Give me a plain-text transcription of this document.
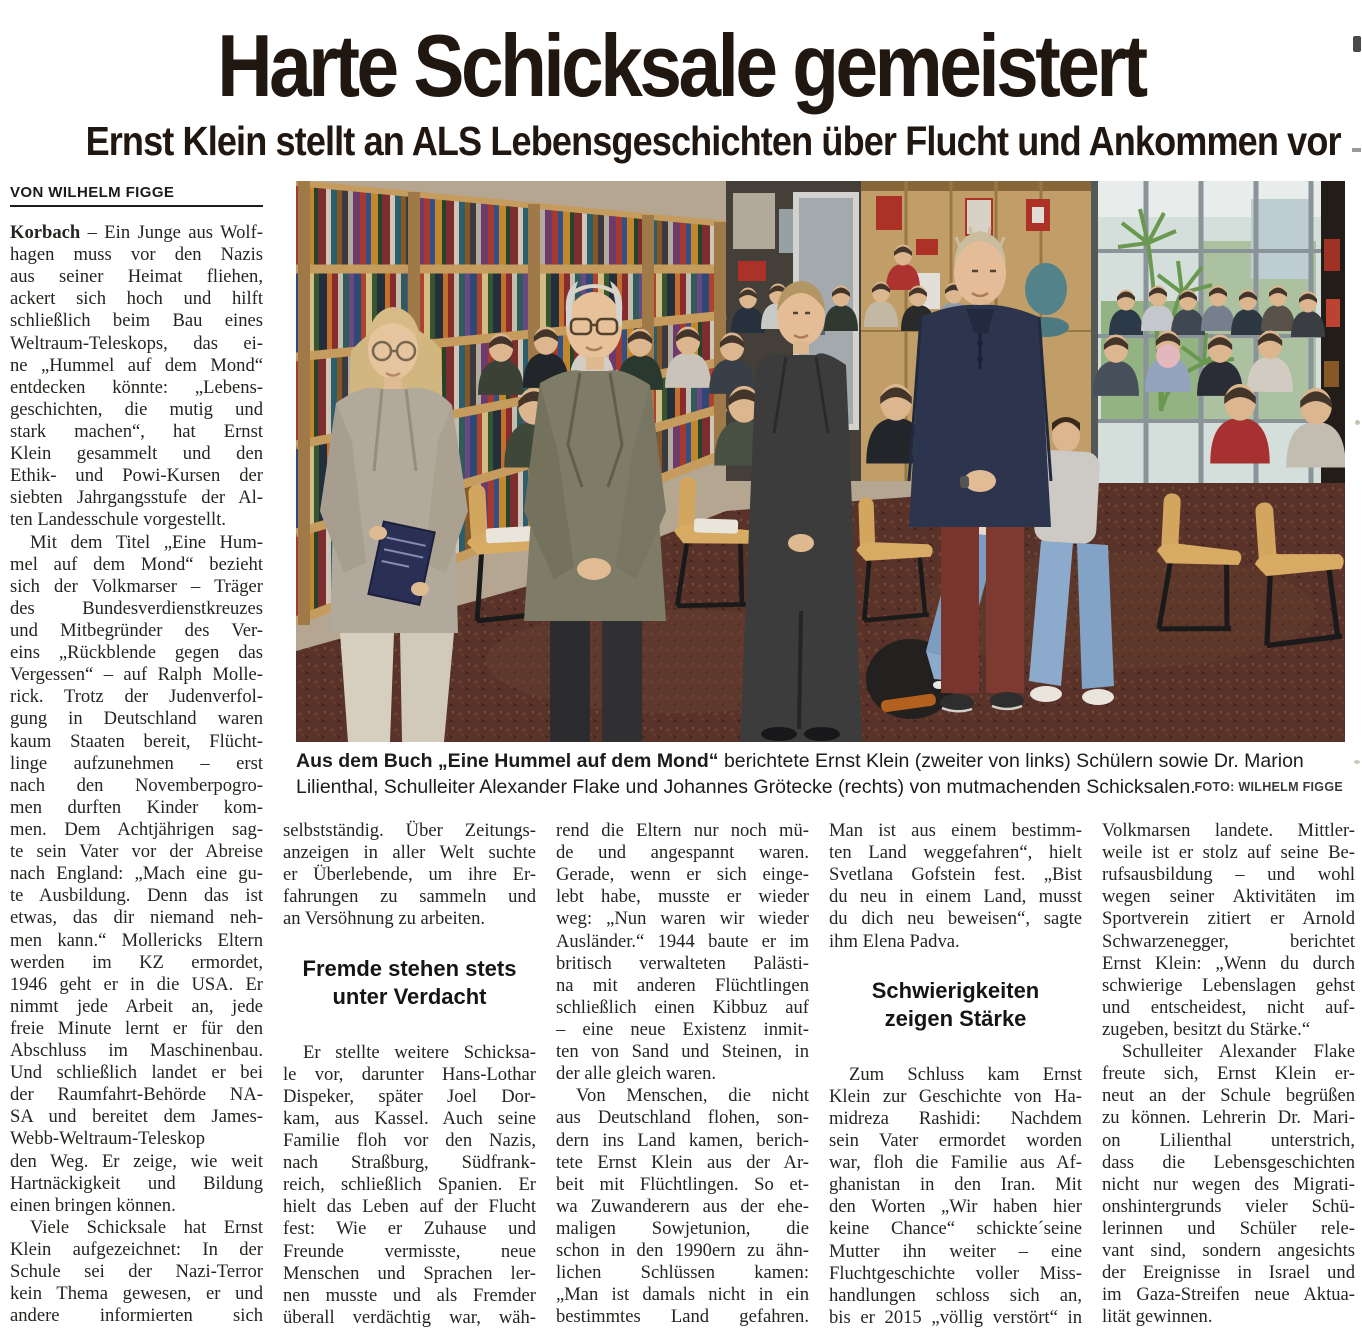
Harte Schicksale gemeistert
Ernst Klein stellt an ALS Lebensgeschichten über Flucht und Ankommen vor
VON WILHELM FIGGE
Korbach – Ein Junge aus Wolf-
hagen muss vor den Nazis
aus seiner Heimat fliehen,
ackert sich hoch und hilft
schließlich beim Bau eines
Weltraum-Teleskops, das ei-
ne „Hummel auf dem Mond“
entdecken könnte: „Lebens-
geschichten, die mutig und
stark machen“, hat Ernst
Klein gesammelt und den
Ethik- und Powi-Kursen der
siebten Jahrgangsstufe der Al-
ten Landesschule vorgestellt.
Mit dem Titel „Eine Hum-
mel auf dem Mond“ bezieht
sich der Volkmarser – Träger
des Bundesverdienstkreuzes
und Mitbegründer des Ver-
eins „Rückblende gegen das
Vergessen“ – auf Ralph Molle-
rick. Trotz der Judenverfol-
gung in Deutschland waren
kaum Staaten bereit, Flücht-
linge aufzunehmen – erst
nach den Novemberpogro-
men durften Kinder kom-
men. Dem Achtjährigen sag-
te sein Vater vor der Abreise
nach England: „Mach eine gu-
te Ausbildung. Denn das ist
etwas, das dir niemand neh-
men kann.“ Mollericks Eltern
werden im KZ ermordet,
1946 geht er in die USA. Er
nimmt jede Arbeit an, jede
freie Minute lernt er für den
Abschluss im Maschinenbau.
Und schließlich landet er bei
der Raumfahrt-Behörde NA-
SA und bereitet dem James-
Webb-Weltraum-Teleskop
den Weg. Er zeige, wie weit
Hartnäckigkeit und Bildung
einen bringen können.
Viele Schicksale hat Ernst
Klein aufgezeichnet: In der
Schule sei der Nazi-Terror
kein Thema gewesen, er und
andere informierten sich
selbstständig. Über Zeitungs-
anzeigen in aller Welt suchte
er Überlebende, um ihre Er-
fahrungen zu sammeln und
an Versöhnung zu arbeiten.
Fremde stehen stets
unter Verdacht
Er stellte weitere Schicksa-
le vor, darunter Hans-Lothar
Dispeker, später Joel Dor-
kam, aus Kassel. Auch seine
Familie floh vor den Nazis,
nach Straßburg, Südfrank-
reich, schließlich Spanien. Er
hielt das Leben auf der Flucht
fest: Wie er Zuhause und
Freunde vermisste, neue
Menschen und Sprachen ler-
nen musste und als Fremder
überall verdächtig war, wäh-
rend die Eltern nur noch mü-
de und angespannt waren.
Gerade, wenn er sich einge-
lebt habe, musste er wieder
weg: „Nun waren wir wieder
Ausländer.“ 1944 baute er im
britisch verwalteten Palästi-
na mit anderen Flüchtlingen
schließlich einen Kibbuz auf
– eine neue Existenz inmit-
ten von Sand und Steinen, in
der alle gleich waren.
Von Menschen, die nicht
aus Deutschland flohen, son-
dern ins Land kamen, berich-
tete Ernst Klein aus der Ar-
beit mit Flüchtlingen. So et-
wa Zuwanderern aus der ehe-
maligen Sowjetunion, die
schon in den 1990ern zu ähn-
lichen Schlüssen kamen:
„Man ist damals nicht in ein
bestimmtes Land gefahren.
Man ist aus einem bestimm-
ten Land weggefahren“, hielt
Svetlana Gofstein fest. „Bist
du neu in einem Land, musst
du dich neu beweisen“, sagte
ihm Elena Padva.
Schwierigkeiten
zeigen Stärke
Zum Schluss kam Ernst
Klein zur Geschichte von Ha-
midreza Rashidi: Nachdem
sein Vater ermordet worden
war, floh die Familie aus Af-
ghanistan in den Iran. Mit
den Worten „Wir haben hier
keine Chance“ schickte´seine
Mutter ihn weiter – eine
Fluchtgeschichte voller Miss-
handlungen schloss sich an,
bis er 2015 „völlig verstört“ in
Volkmarsen landete. Mittler-
weile ist er stolz auf seine Be-
rufsausbildung – und wohl
wegen seiner Aktivitäten im
Sportverein zitiert er Arnold
Schwarzenegger, berichtet
Ernst Klein: „Wenn du durch
schwierige Lebenslagen gehst
und entscheidest, nicht auf-
zugeben, besitzt du Stärke.“
Schulleiter Alexander Flake
freute sich, Ernst Klein er-
neut an der Schule begrüßen
zu können. Lehrerin Dr. Mari-
on Lilienthal unterstrich,
dass die Lebensgeschichten
nicht nur wegen des Migrati-
onshintergrunds vieler Schü-
lerinnen und Schüler rele-
vant sind, sondern angesichts
der Ereignisse in Israel und
im Gaza-Streifen neue Aktua-
lität gewinnen.

Aus dem Buch „Eine Hummel auf dem Mond“ berichtete Ernst Klein (zweiter von links) Schülern sowie Dr. Marion Lilienthal, Schulleiter Alexander Flake und Johannes Grötecke (rechts) von mutmachenden Schicksalen.
FOTO: WILHELM FIGGE
